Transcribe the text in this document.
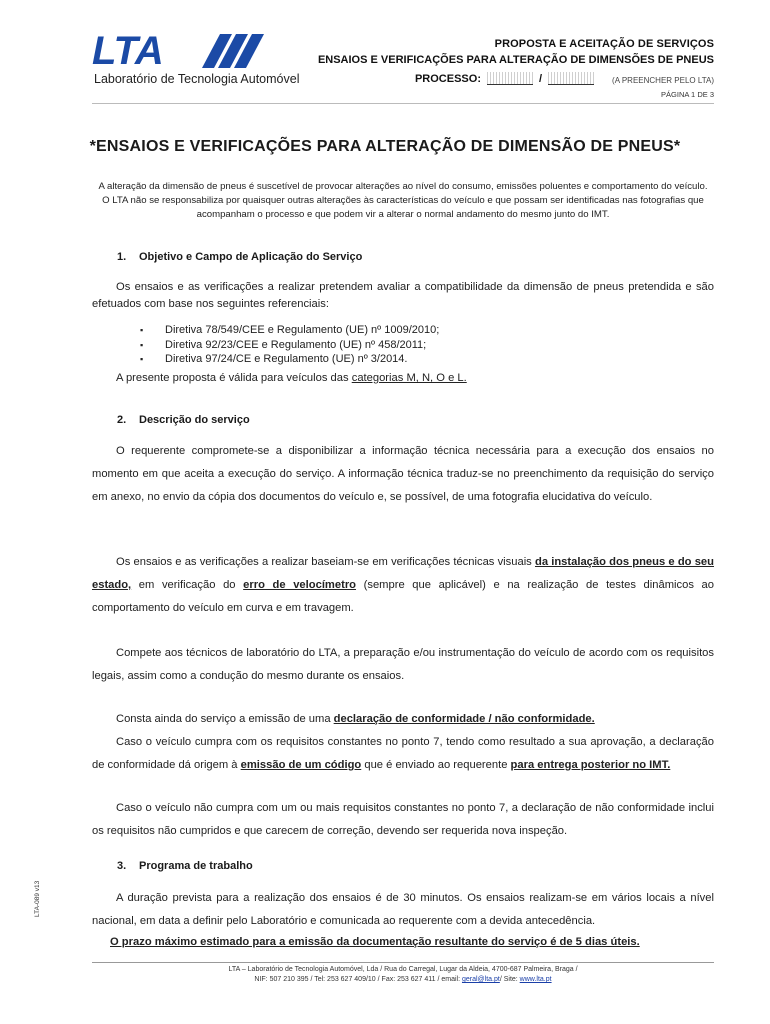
LTA
Laboratório de Tecnologia Automóvel
PROPOSTA E ACEITAÇÃO DE SERVIÇOS
ENSAIOS E VERIFICAÇÕES PARA ALTERAÇÃO DE DIMENSÕES DE PNEUS
PROCESSO:	/	(A PREENCHER PELO LTA)
PÁGINA 1 DE 3
*ENSAIOS E VERIFICAÇÕES PARA ALTERAÇÃO DE DIMENSÃO DE PNEUS*

A alteração da dimensão de pneus é suscetível de provocar alterações ao nível do consumo, emissões poluentes e comportamento do veículo.

O LTA não se responsabiliza por quaisquer outras alterações às características do veículo e que possam ser identificadas nas fotografias que acompanham o processo e que podem vir a alterar o normal andamento do mesmo junto do IMT.

1. Objetivo e Campo de Aplicação do Serviço
Os ensaios e as verificações a realizar pretendem avaliar a compatibilidade da dimensão de pneus pretendida e são efetuados com base nos seguintes referenciais:
▪ Diretiva 78/549/CEE e Regulamento (UE) nº 1009/2010;
▪ Diretiva 92/23/CEE e Regulamento (UE) nº 458/2011;
▪ Diretiva 97/24/CE e Regulamento (UE) nº 3/2014.
A presente proposta é válida para veículos das categorias M, N, O e L.
2. Descrição do serviço
O requerente compromete-se a disponibilizar a informação técnica necessária para a execução dos ensaios no momento em que aceita a execução do serviço. A informação técnica traduz-se no preenchimento da requisição do serviço em anexo, no envio da cópia dos documentos do veículo e, se possível, de uma fotografia elucidativa do veículo.
Os ensaios e as verificações a realizar baseiam-se em verificações técnicas visuais da instalação dos pneus e do seu estado, em verificação do erro de velocímetro (sempre que aplicável) e na realização de testes dinâmicos ao comportamento do veículo em curva e em travagem.
Compete aos técnicos de laboratório do LTA, a preparação e/ou instrumentação do veículo de acordo com os requisitos legais, assim como a condução do mesmo durante os ensaios.
Consta ainda do serviço a emissão de uma declaração de conformidade / não conformidade.
Caso o veículo cumpra com os requisitos constantes no ponto 7, tendo como resultado a sua aprovação, a declaração de conformidade dá origem à emissão de um código que é enviado ao requerente para entrega posterior no IMT.
Caso o veículo não cumpra com um ou mais requisitos constantes no ponto 7, a declaração de não conformidade inclui os requisitos não cumpridos e que carecem de correção, devendo ser requerida nova inspeção.
3. Programa de trabalho
A duração prevista para a realização dos ensaios é de 30 minutos. Os ensaios realizam-se em vários locais a nível nacional, em data a definir pelo Laboratório e comunicada ao requerente com a devida antecedência.
O prazo máximo estimado para a emissão da documentação resultante do serviço é de 5 dias úteis.
LTA-089 v13
LTA – Laboratório de Tecnologia Automóvel, Lda / Rua do Carregal, Lugar da Aldeia, 4700-687 Palmeira, Braga /
NIF: 507 210 395 / Tel: 253 627 409/10 / Fax: 253 627 411 / email: geral@lta.pt/ Site: www.lta.pt
